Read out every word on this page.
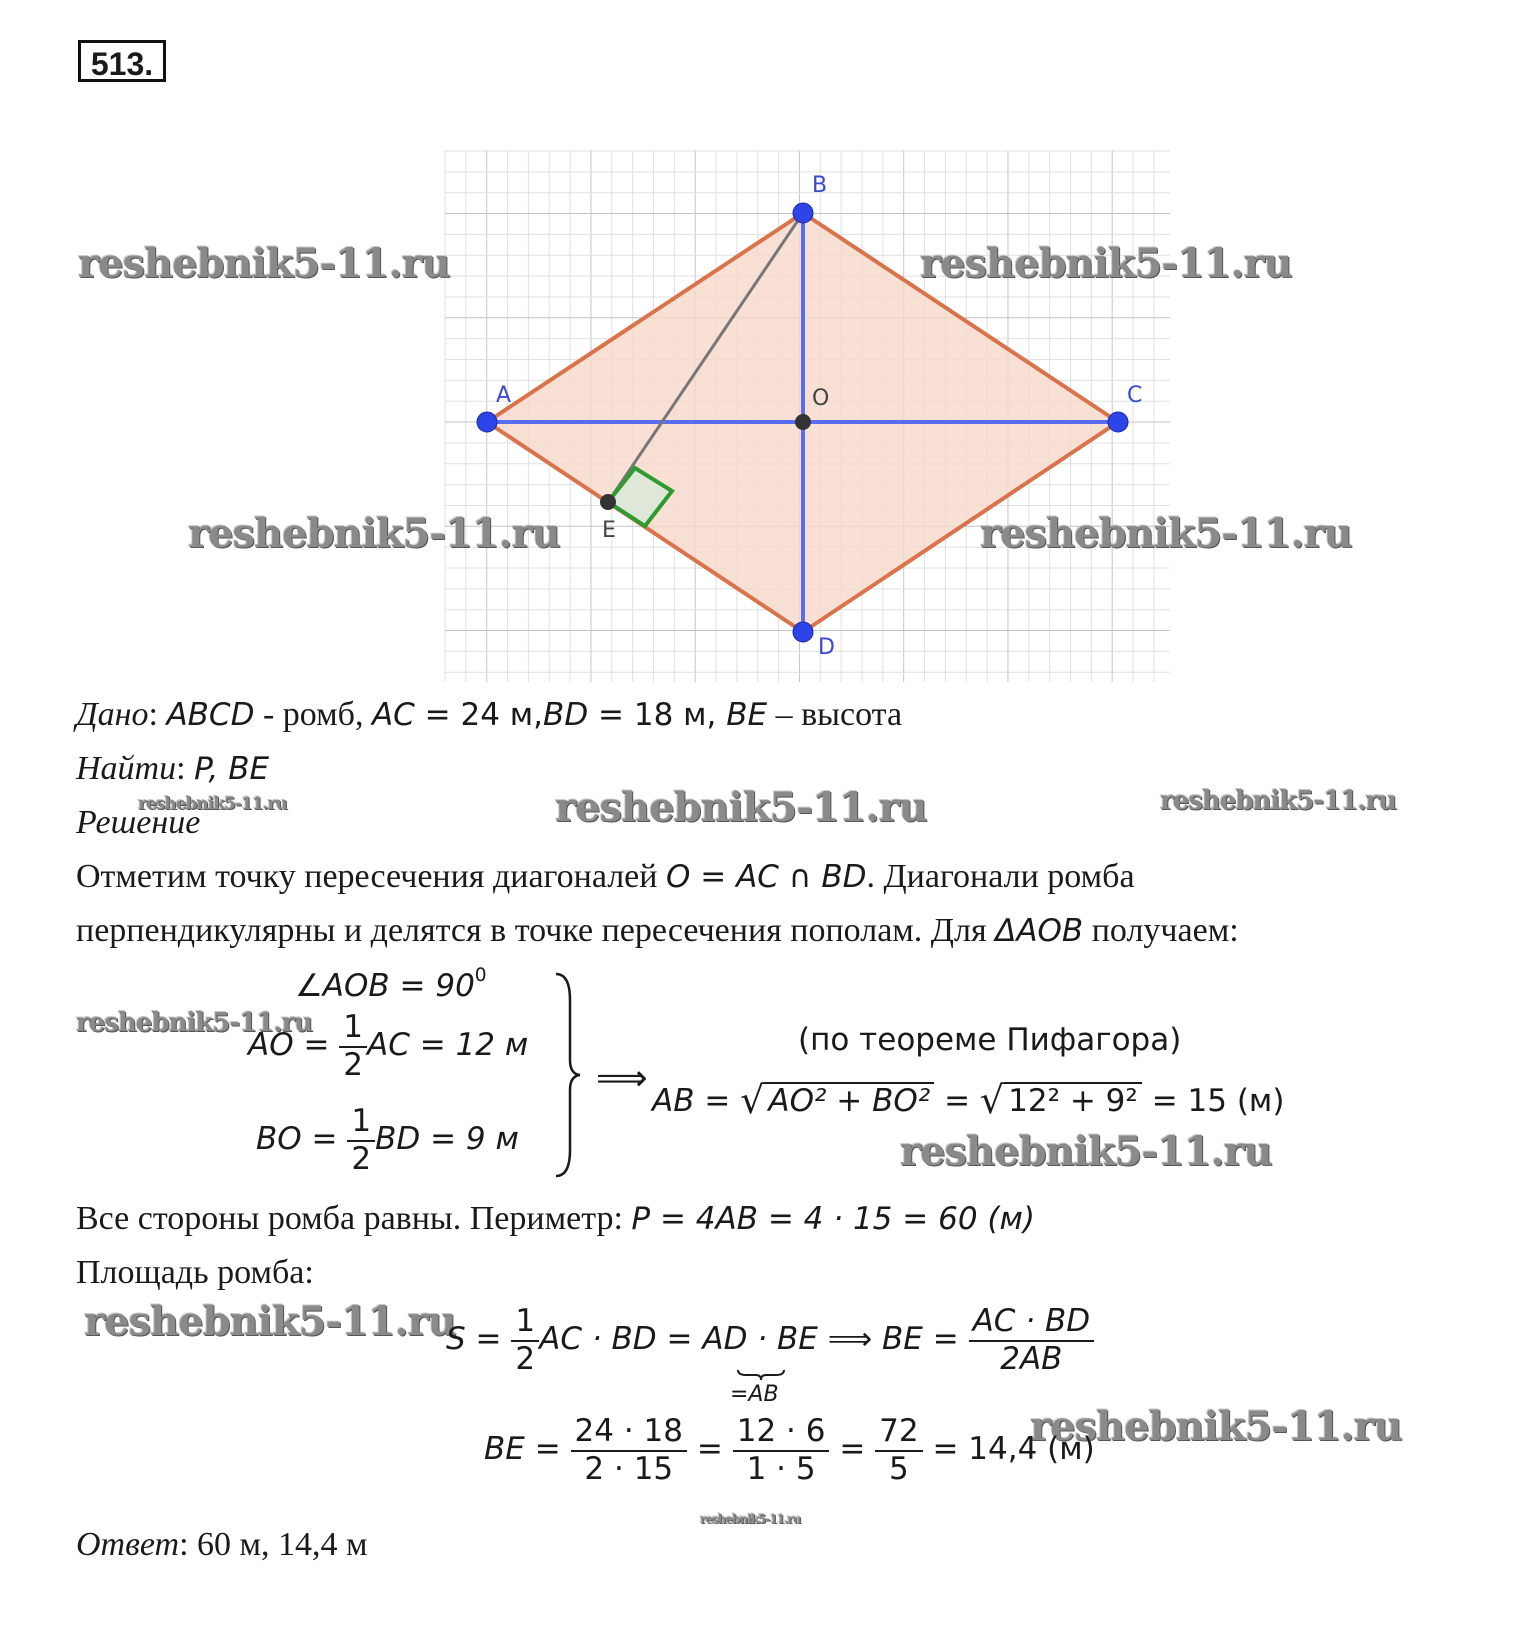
513.
A
B
C
D
O
E
reshebnik5-11.ru	reshebnik5-11.ru
reshebnik5-11.ru	reshebnik5-11.ru
reshebnik5-11.ru	reshebnik5-11.ru
reshebnik5-11.ru
reshebnik5-11.ru
reshebnik5-11.ru
reshebnik5-11.ru
reshebnik5-11.ru
reshebnik5-11.ru
Дано: ABCD - ромб, AC = 24 м,BD = 18 м, BE – высота
Найти: P, BE
Решение
Отметим точку пересечения диагоналей O = AC ∩ BD. Диагонали ромба
перпендикулярны и делятся в точке пересечения пополам. Для ΔAOB получаем:
∠AOB = $90^0$
AO = $\frac{1}{2}$ AC = 12 м
BO = $\frac{1}{2}$ BD = 9 м
⟹
(по теореме Пифагора)
AB = √ AO² + BO² = √ 12² + 9² = 15 (м)
Все стороны ромба равны. Периметр: P = 4AB = 4 · 15 = 60 (м)
Площадь ромба:
$S = \frac{1}{2}$ AC · BD = AD · BE ⟹ BE = $\frac{AC \cdot BD}{2AB}$
=AB
BE = $\frac{24 \cdot 18}{2 \cdot 15} = \frac{12 \cdot 6}{1 \cdot 5} = \frac{72}{5} = 14,4$ (м)
Ответ: 60 м, 14,4 м
